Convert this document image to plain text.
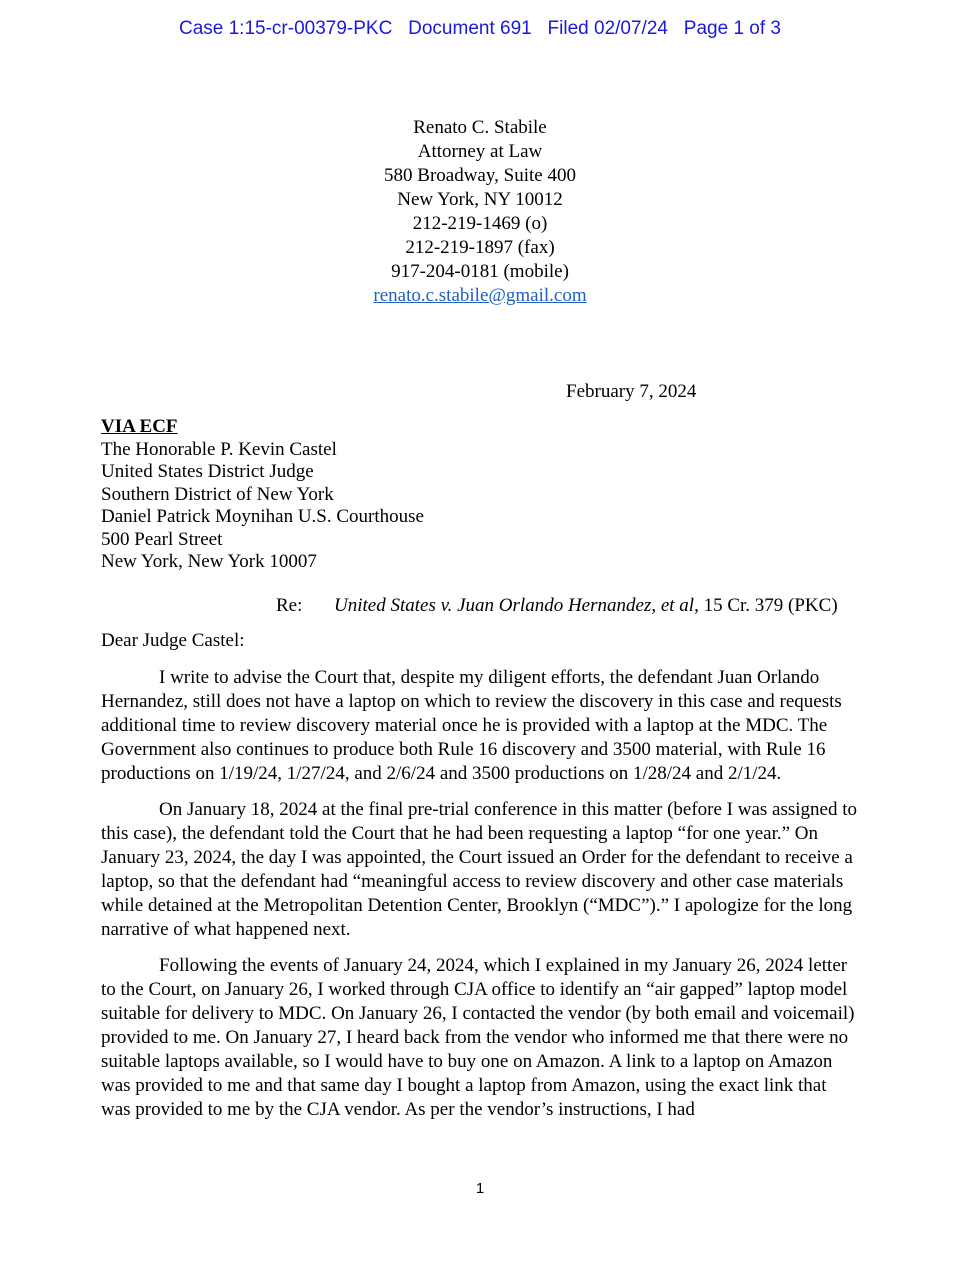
Case 1:15-cr-00379-PKC   Document 691   Filed 02/07/24   Page 1 of 3
Renato C. Stabile
Attorney at Law
580 Broadway, Suite 400
New York, NY 10012
212-219-1469 (o)
212-219-1897 (fax)
917-204-0181 (mobile)
renato.c.stabile@gmail.com
February 7, 2024
VIA ECF
The Honorable P. Kevin Castel
United States District Judge
Southern District of New York
Daniel Patrick Moynihan U.S. Courthouse
500 Pearl Street
New York, New York 10007
Re: United States v. Juan Orlando Hernandez, et al, 15 Cr. 379 (PKC)
Dear Judge Castel:

I write to advise the Court that, despite my diligent efforts, the defendant Juan Orlando Hernandez, still does not have a laptop on which to review the discovery in this case and requests additional time to review discovery material once he is provided with a laptop at the MDC. The Government also continues to produce both Rule 16 discovery and 3500 material, with Rule 16 productions on 1/19/24, 1/27/24, and 2/6/24 and 3500 productions on 1/28/24 and 2/1/24.

On January 18, 2024 at the final pre-trial conference in this matter (before I was assigned to this case), the defendant told the Court that he had been requesting a laptop “for one year.” On January 23, 2024, the day I was appointed, the Court issued an Order for the defendant to receive a laptop, so that the defendant had “meaningful access to review discovery and other case materials while detained at the Metropolitan Detention Center, Brooklyn (“MDC”).” I apologize for the long narrative of what happened next.

Following the events of January 24, 2024, which I explained in my January 26, 2024 letter to the Court, on January 26, I worked through CJA office to identify an “air gapped” laptop model suitable for delivery to MDC. On January 26, I contacted the vendor (by both email and voicemail) provided to me. On January 27, I heard back from the vendor who informed me that there were no suitable laptops available, so I would have to buy one on Amazon. A link to a laptop on Amazon was provided to me and that same day I bought a laptop from Amazon, using the exact link that was provided to me by the CJA vendor. As per the vendor’s instructions, I had

1
